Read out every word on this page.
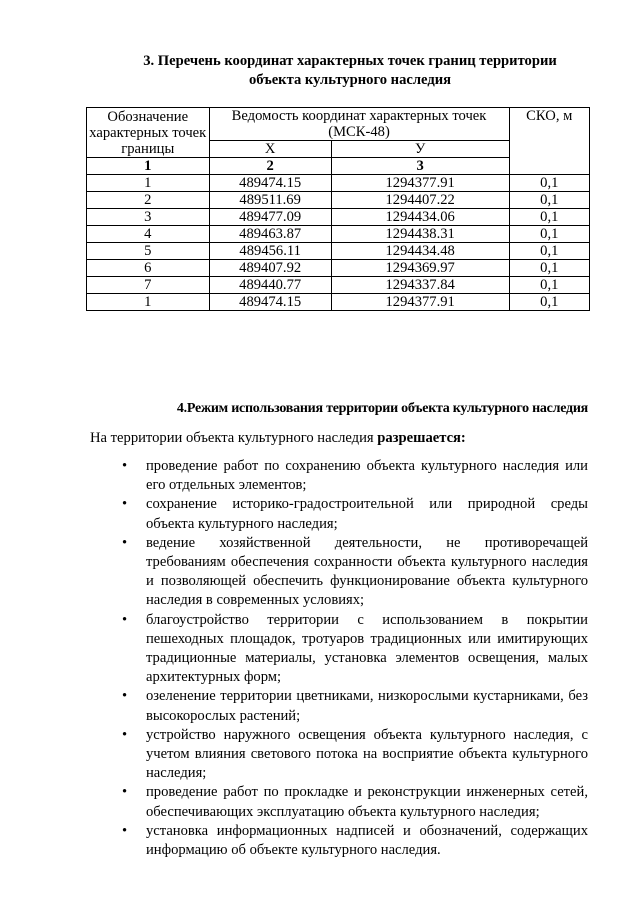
3. Перечень координат характерных точек границ территории
объекта культурного наследия
Обозначение характерных точек границы	Ведомость координат характерных точек (МСК-48)		СКО, м
	Х	У	
1	2	3	
1	489474.15	1294377.91	0,1
2	489511.69	1294407.22	0,1
3	489477.09	1294434.06	0,1
4	489463.87	1294438.31	0,1
5	489456.11	1294434.48	0,1
6	489407.92	1294369.97	0,1
7	489440.77	1294337.84	0,1
1	489474.15	1294377.91	0,1
4.Режим использования территории объекта культурного наследия
На территории объекта культурного наследия разрешается:
• проведение работ по сохранению объекта культурного наследия или его отдельных элементов;
• сохранение историко-градостроительной или природной среды объекта культурного наследия;
• ведение хозяйственной деятельности, не противоречащей требованиям обеспечения сохранности объекта культурного наследия и позволяющей обеспечить функционирование объекта культурного наследия в современных условиях;
• благоустройство территории с использованием в покрытии пешеходных площадок, тротуаров традиционных или имитирующих традиционные материалы, установка элементов освещения, малых архитектурных форм;
• озеленение территории цветниками, низкорослыми кустарниками, без высокорослых растений;
• устройство наружного освещения объекта культурного наследия, с учетом влияния светового потока на восприятие объекта культурного наследия;
• проведение работ по прокладке и реконструкции инженерных сетей, обеспечивающих эксплуатацию объекта культурного наследия;
• установка информационных надписей и обозначений, содержащих информацию об объекте культурного наследия.
